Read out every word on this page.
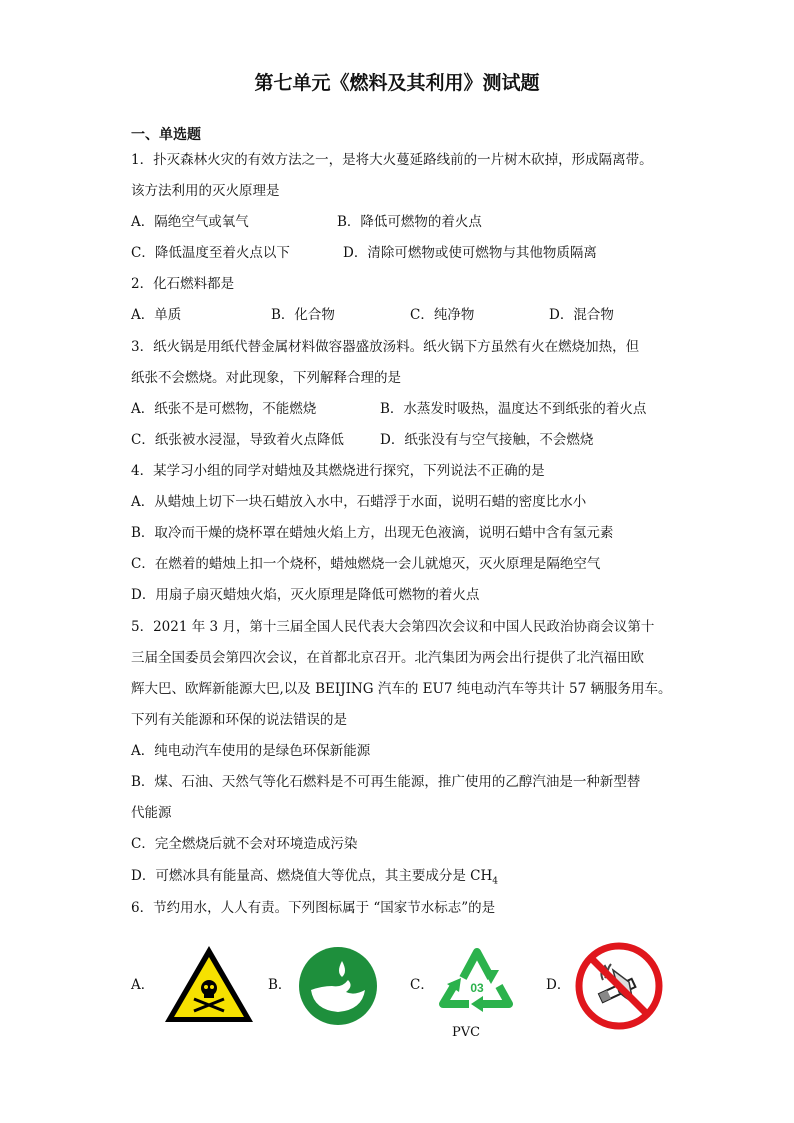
第七单元《燃料及其利用》测试题
一、单选题
1．扑灭森林火灾的有效方法之一，是将大火蔓延路线前的一片树木砍掉，形成隔离带。
该方法利用的灭火原理是
A．隔绝空气或氧气	B．降低可燃物的着火点
C．降低温度至着火点以下	D．清除可燃物或使可燃物与其他物质隔离
2．化石燃料都是
A．单质	B．化合物	C．纯净物	D．混合物
3．纸火锅是用纸代替金属材料做容器盛放汤料。纸火锅下方虽然有火在燃烧加热，但
纸张不会燃烧。对此现象，下列解释合理的是
A．纸张不是可燃物，不能燃烧	B．水蒸发时吸热，温度达不到纸张的着火点
C．纸张被水浸湿，导致着火点降低	D．纸张没有与空气接触，不会燃烧
4．某学习小组的同学对蜡烛及其燃烧进行探究，下列说法不正确的是
A．从蜡烛上切下一块石蜡放入水中，石蜡浮于水面，说明石蜡的密度比水小
B．取冷而干燥的烧杯罩在蜡烛火焰上方，出现无色液滴，说明石蜡中含有氢元素
C．在燃着的蜡烛上扣一个烧杯，蜡烛燃烧一会儿就熄灭，灭火原理是隔绝空气
D．用扇子扇灭蜡烛火焰，灭火原理是降低可燃物的着火点
5．2021 年 3 月，第十三届全国人民代表大会第四次会议和中国人民政治协商会议第十
三届全国委员会第四次会议，在首都北京召开。北汽集团为两会出行提供了北汽福田欧
辉大巴、欧辉新能源大巴,以及 BEIJING 汽车的 EU7 纯电动汽车等共计 57 辆服务用车。
下列有关能源和环保的说法错误的是
A．纯电动汽车使用的是绿色环保新能源
B．煤、石油、天然气等化石燃料是不可再生能源，推广使用的乙醇汽油是一种新型替
代能源
C．完全燃烧后就不会对环境造成污染
D．可燃冰具有能量高、燃烧值大等优点，其主要成分是 $CH_4$
6．节约用水，人人有责。下列图标属于 “国家节水标志”的是
A．	B．	C．	03
PVC
D．
